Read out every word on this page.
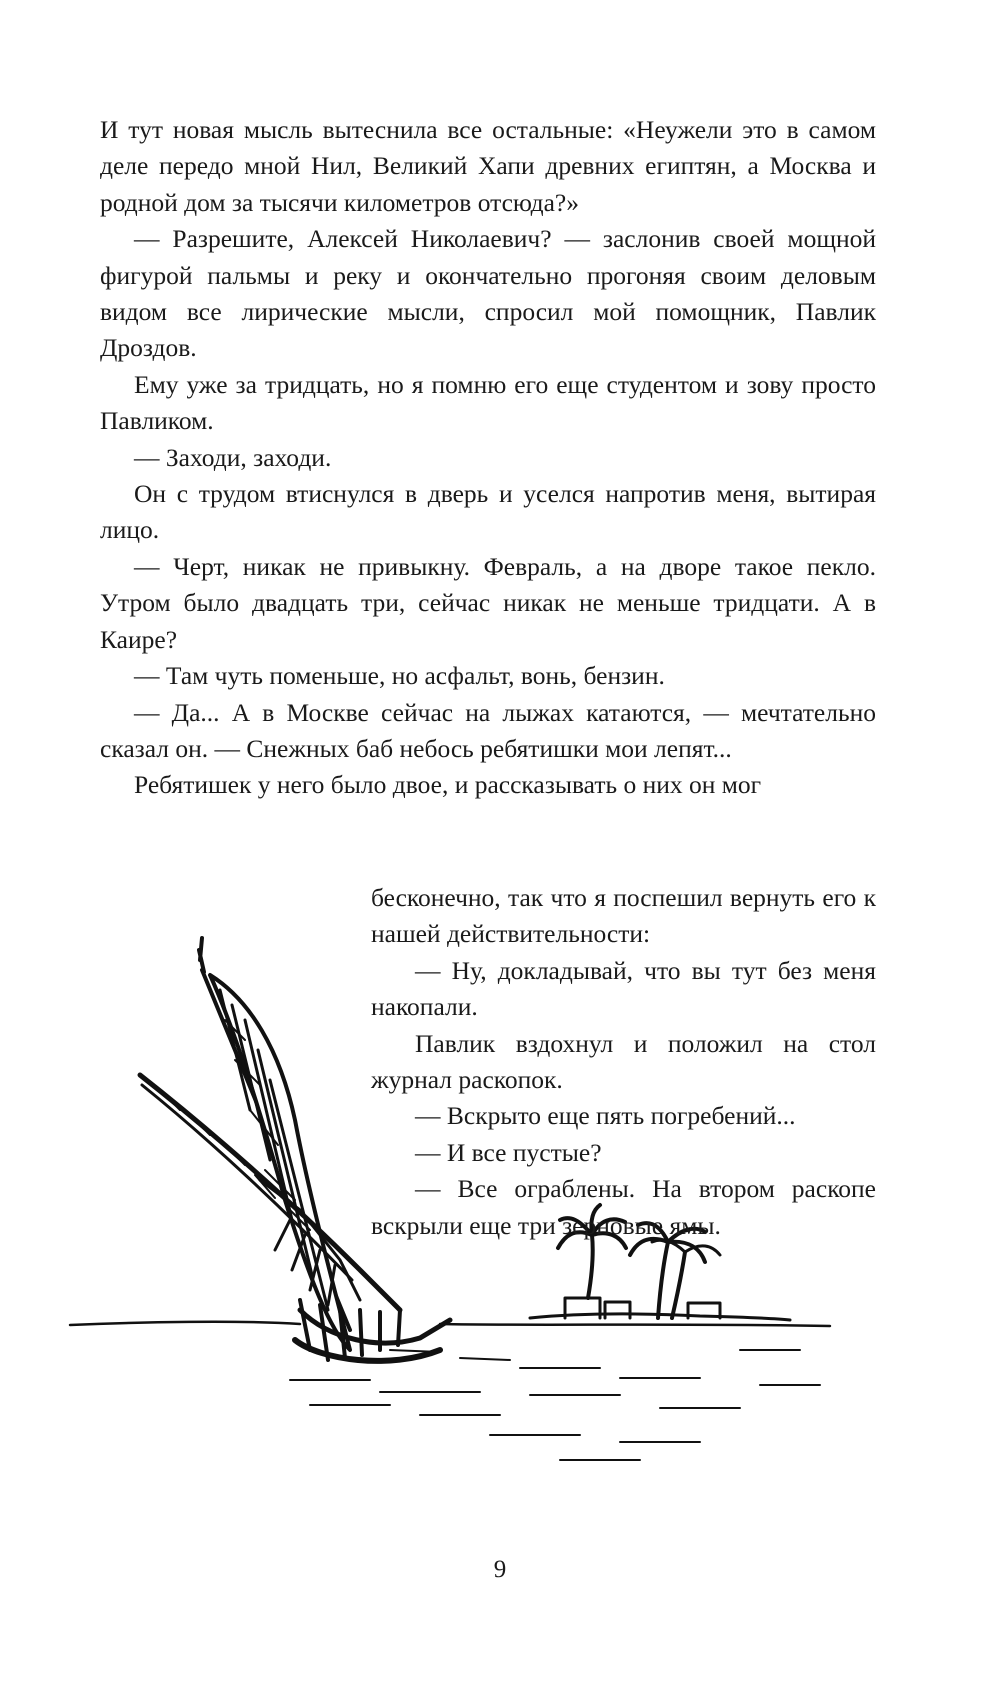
И тут новая мысль вытеснила все остальные: «Неужели это в самом деле передо мной Нил, Великий Хапи древних египтян, а Москва и родной дом за тысячи километров отсюда?»

— Разрешите, Алексей Николаевич? — заслонив своей мощной фигурой пальмы и реку и окончательно прогоняя своим деловым видом все лирические мысли, спросил мой помощник, Павлик Дроздов.

Ему уже за тридцать, но я помню его еще студентом и зову просто Павликом.

— Заходи, заходи.

Он с трудом втиснулся в дверь и уселся напротив меня, вытирая лицо.

— Черт, никак не привыкну. Февраль, а на дворе такое пекло. Утром было двадцать три, сейчас никак не меньше тридцати. А в Каире?

— Там чуть поменьше, но асфальт, вонь, бензин.

— Да... А в Москве сейчас на лыжах катаются, — мечтательно сказал он. — Снежных баб небось ребятишки мои лепят...

Ребятишек у него было двое, и рассказывать о них он мог

бесконечно, так что я поспешил вернуть его к нашей действительности:

— Ну, докладывай, что вы тут без меня накопали.

Павлик вздохнул и положил на стол журнал раскопок.

— Вскрыто еще пять погребений...

— И все пустые?

— Все ограблены. На втором раскопе вскрыли еще три зерновые ямы.

9
